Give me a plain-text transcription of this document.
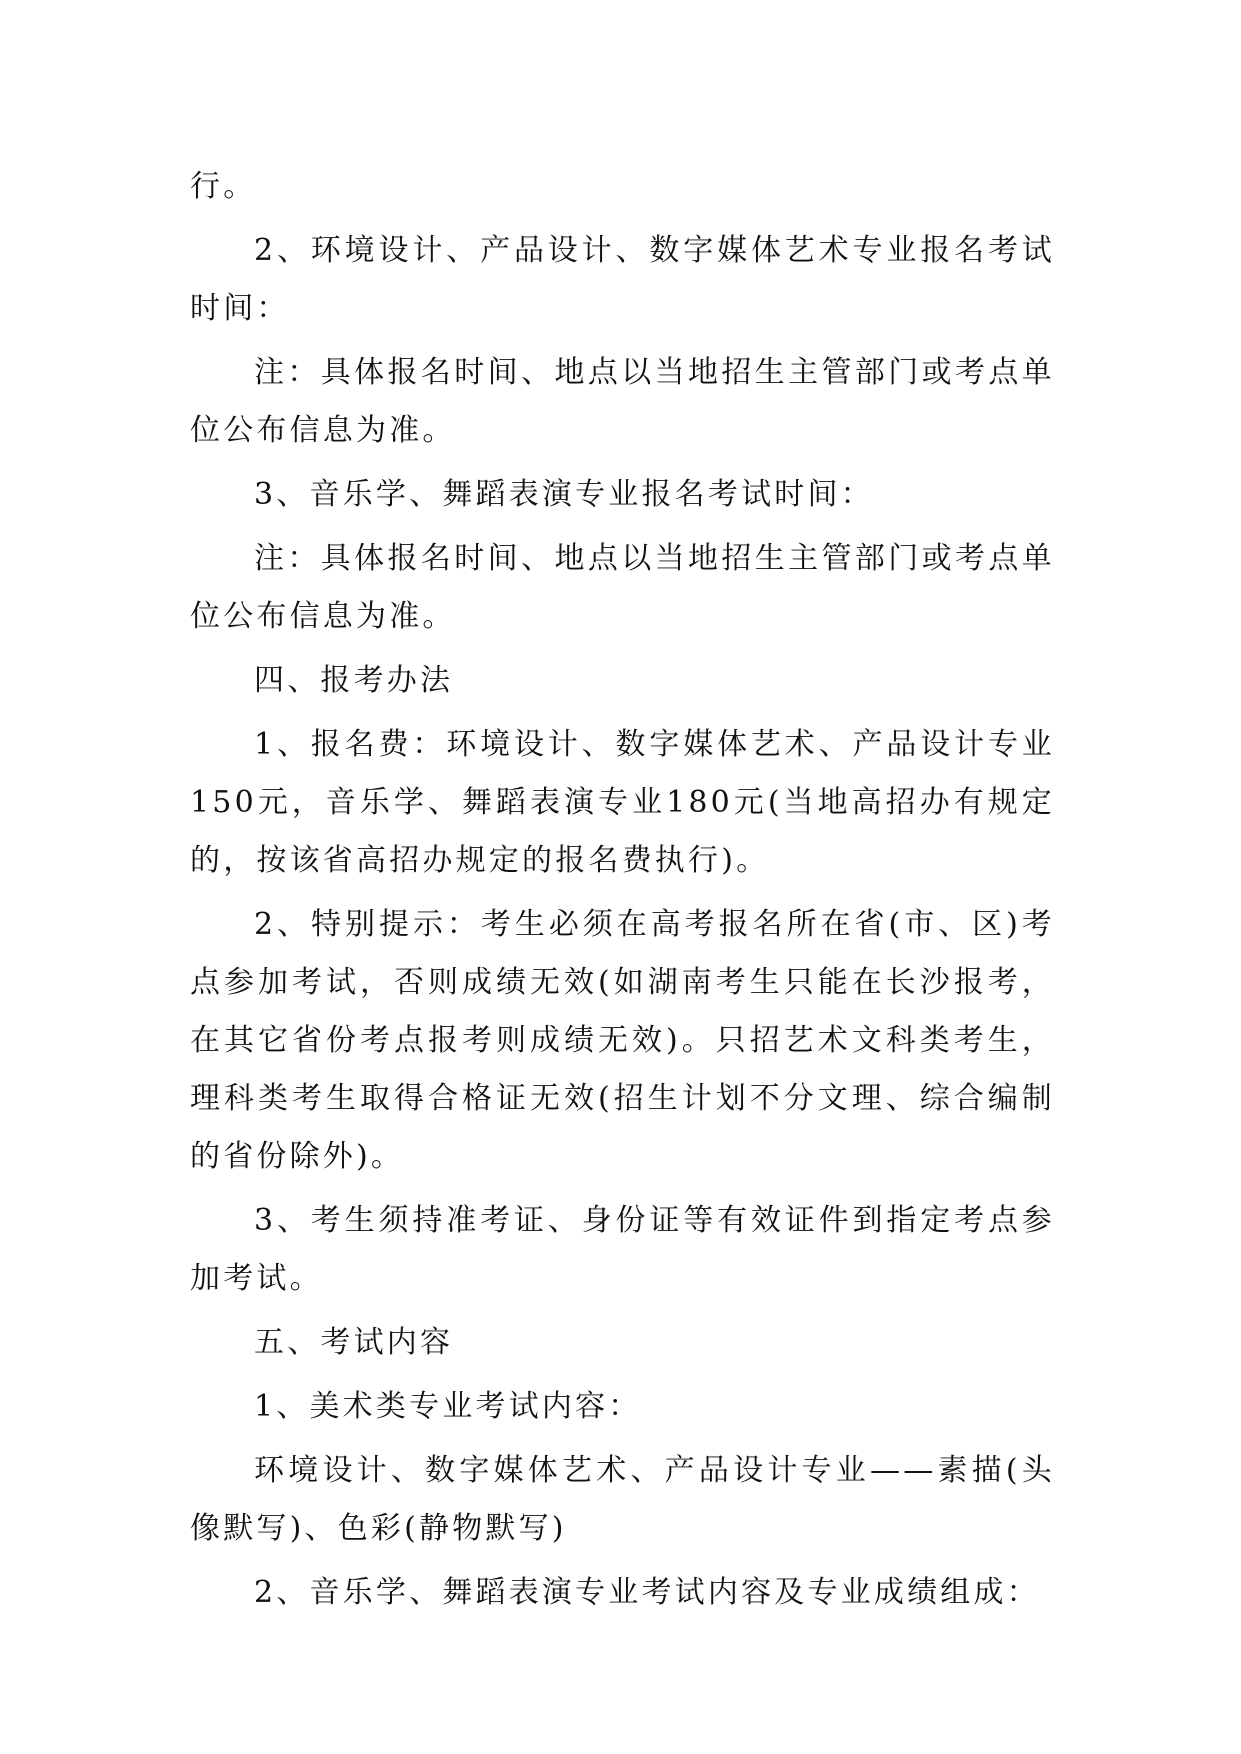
行。

2、环境设计、产品设计、数字媒体艺术专业报名考试时间：

注：具体报名时间、地点以当地招生主管部门或考点单位公布信息为准。

3、音乐学、舞蹈表演专业报名考试时间：

注：具体报名时间、地点以当地招生主管部门或考点单位公布信息为准。

四、报考办法

1、报名费：环境设计、数字媒体艺术、产品设计专业150元，音乐学、舞蹈表演专业180元(当地高招办有规定的，按该省高招办规定的报名费执行)。

2、特别提示：考生必须在高考报名所在省(市、区)考点参加考试，否则成绩无效(如湖南考生只能在长沙报考，在其它省份考点报考则成绩无效)。只招艺术文科类考生，理科类考生取得合格证无效(招生计划不分文理、综合编制的省份除外)。

3、考生须持准考证、身份证等有效证件到指定考点参加考试。

五、考试内容

1、美术类专业考试内容：

环境设计、数字媒体艺术、产品设计专业——素描(头像默写)、色彩(静物默写)

2、音乐学、舞蹈表演专业考试内容及专业成绩组成：
